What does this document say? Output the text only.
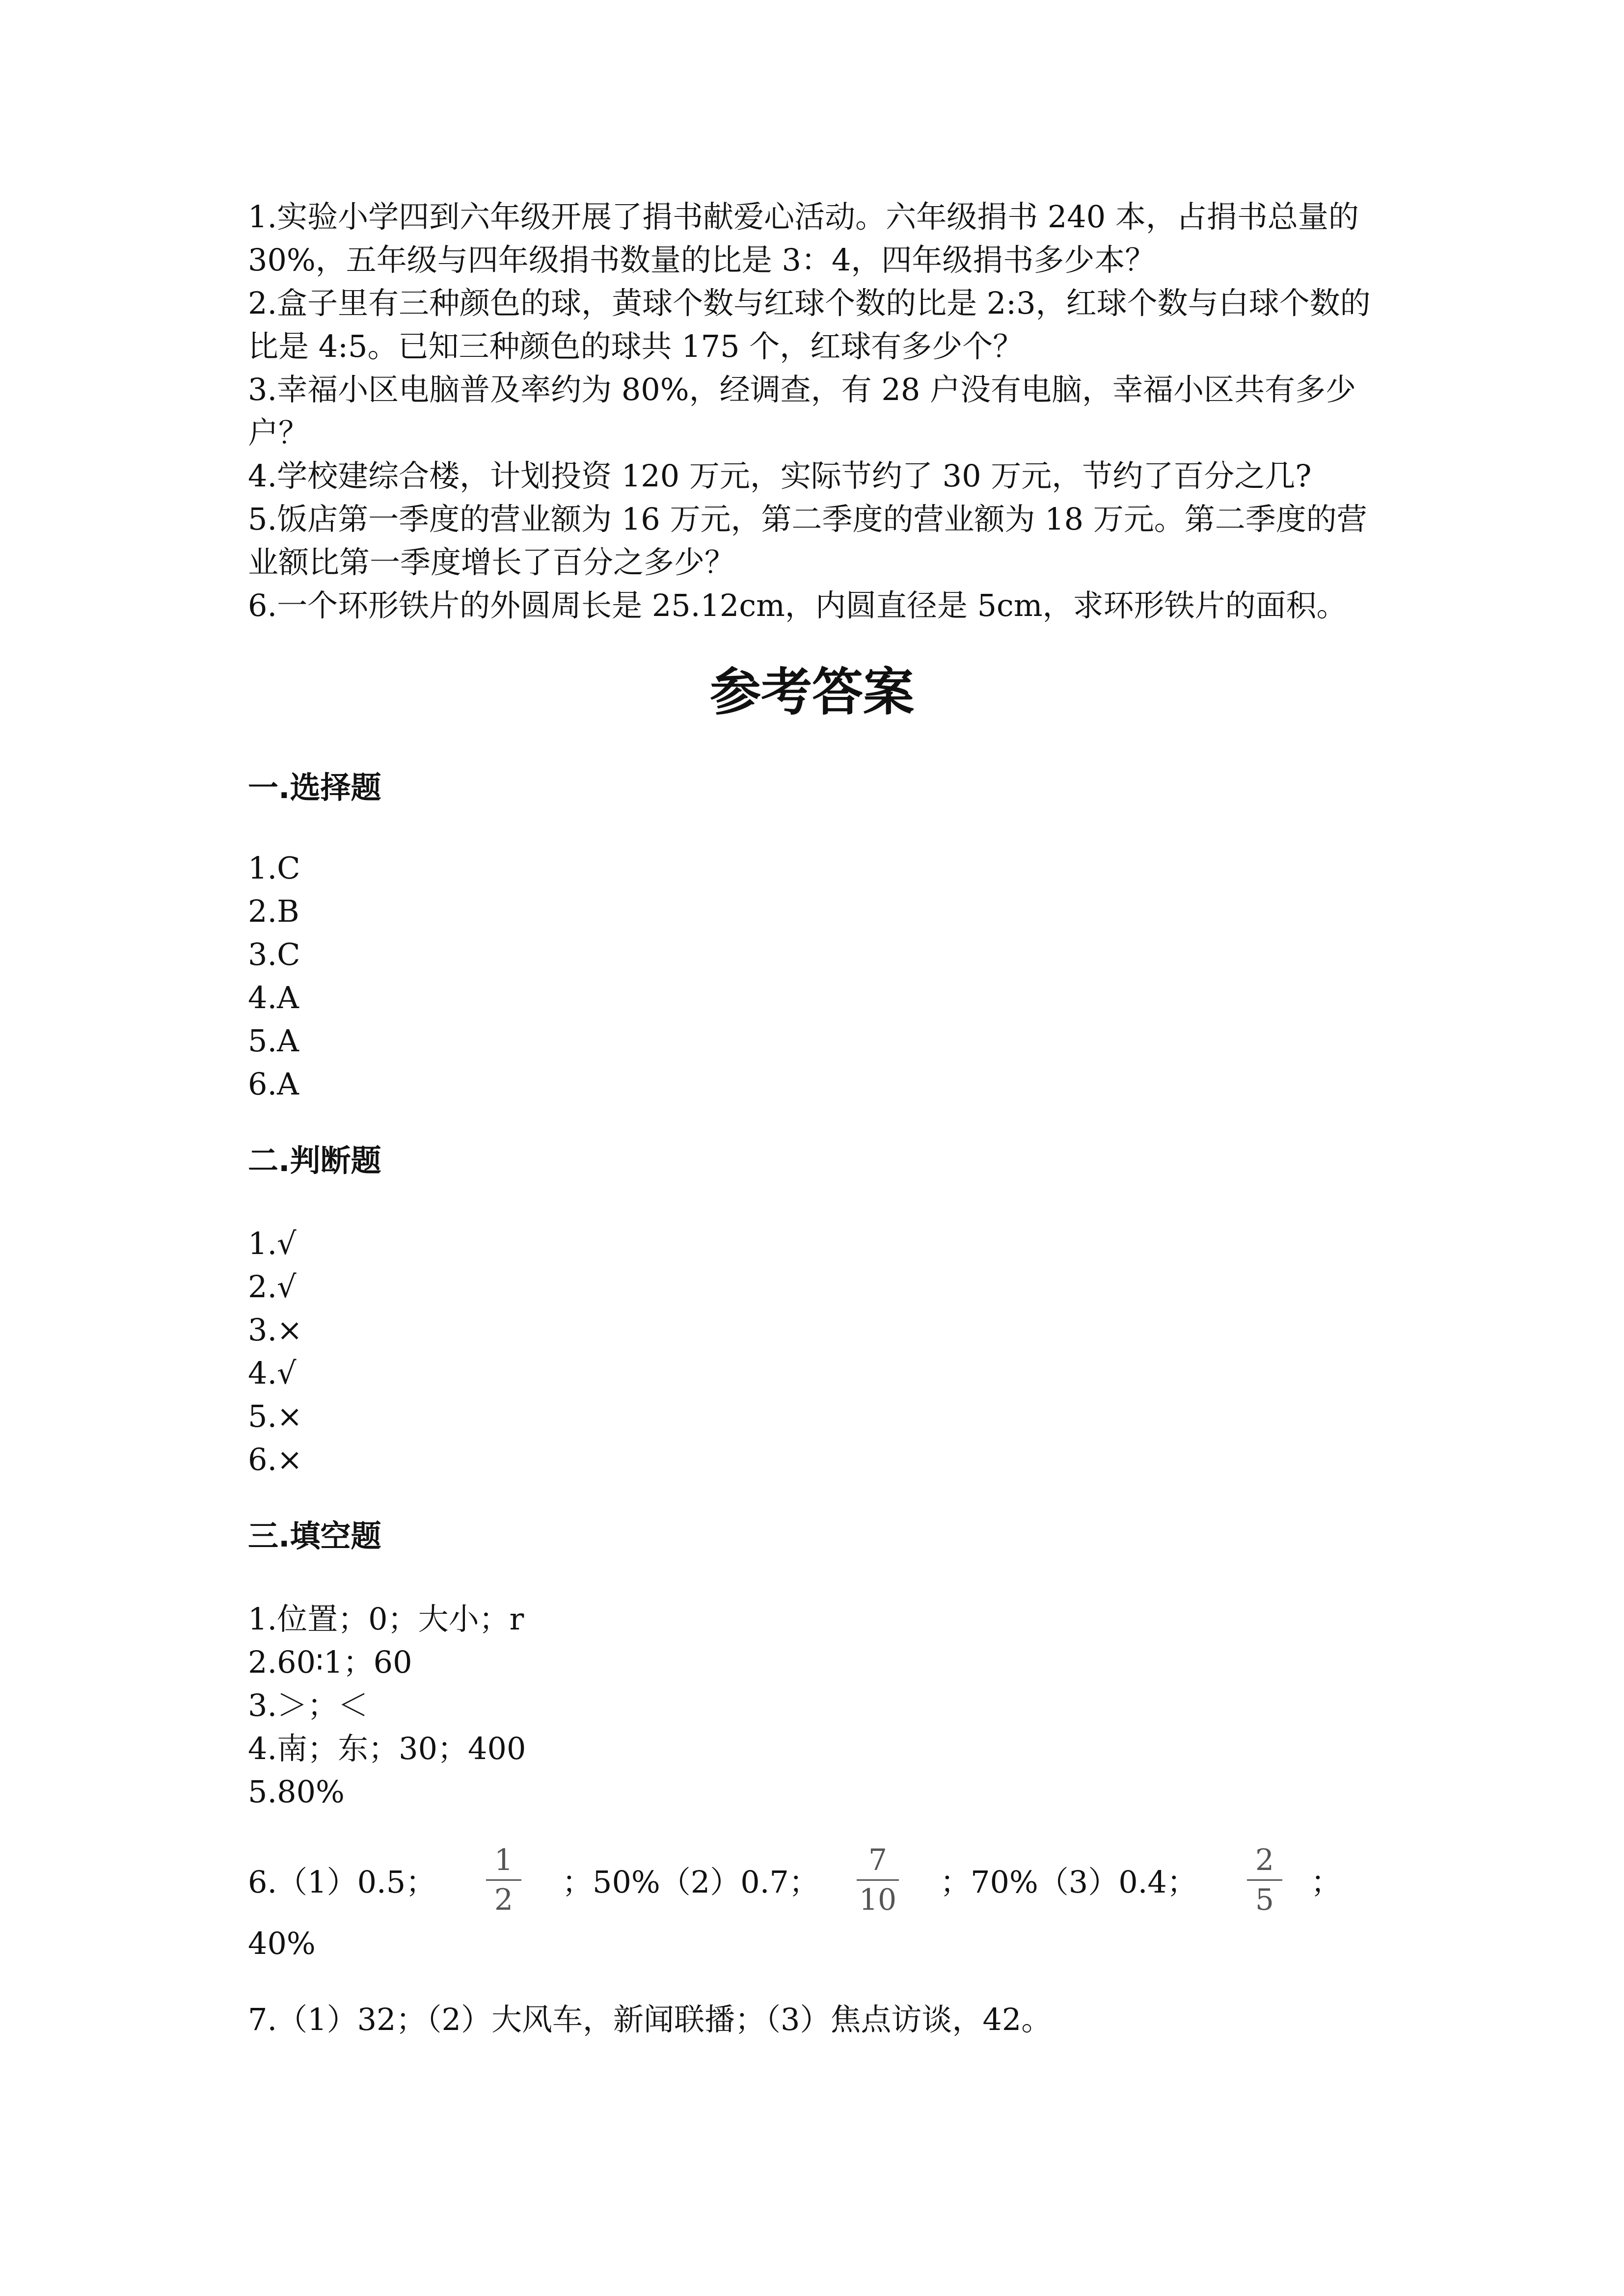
1.实验小学四到六年级开展了捐书献爱心活动。六年级捐书 240 本，占捐书总量的 30%，五年级与四年级捐书数量的比是 3：4，四年级捐书多少本？

2.盒子里有三种颜色的球，黄球个数与红球个数的比是 2:3，红球个数与白球个数的比是 4:5。已知三种颜色的球共 175 个，红球有多少个？

3.幸福小区电脑普及率约为 80%，经调查，有 28 户没有电脑，幸福小区共有多少户？

4.学校建综合楼，计划投资 120 万元，实际节约了 30 万元，节约了百分之几?

5.饭店第一季度的营业额为 16 万元，第二季度的营业额为 18 万元。第二季度的营业额比第一季度增长了百分之多少？

6.一个环形铁片的外圆周长是 25.12cm，内圆直径是 5cm，求环形铁片的面积。

参考答案
一.选择题
1.C
2.B
3.C
4.A
5.A
6.A
二.判断题
1.√
2.√
3.×
4.√
5.×
6.×
三.填空题
1.位置；0；大小；r
2.60∶1；60
3.＞；＜
4.南；东；30；400
5.80%
6.（1）0.5；
1
2 ；50%（2）0.7；
7
10 ；70%（3）0.4；
2
5 ；

40%

7.（1）32；（2）大风车，新闻联播；（3）焦点访谈，42。
